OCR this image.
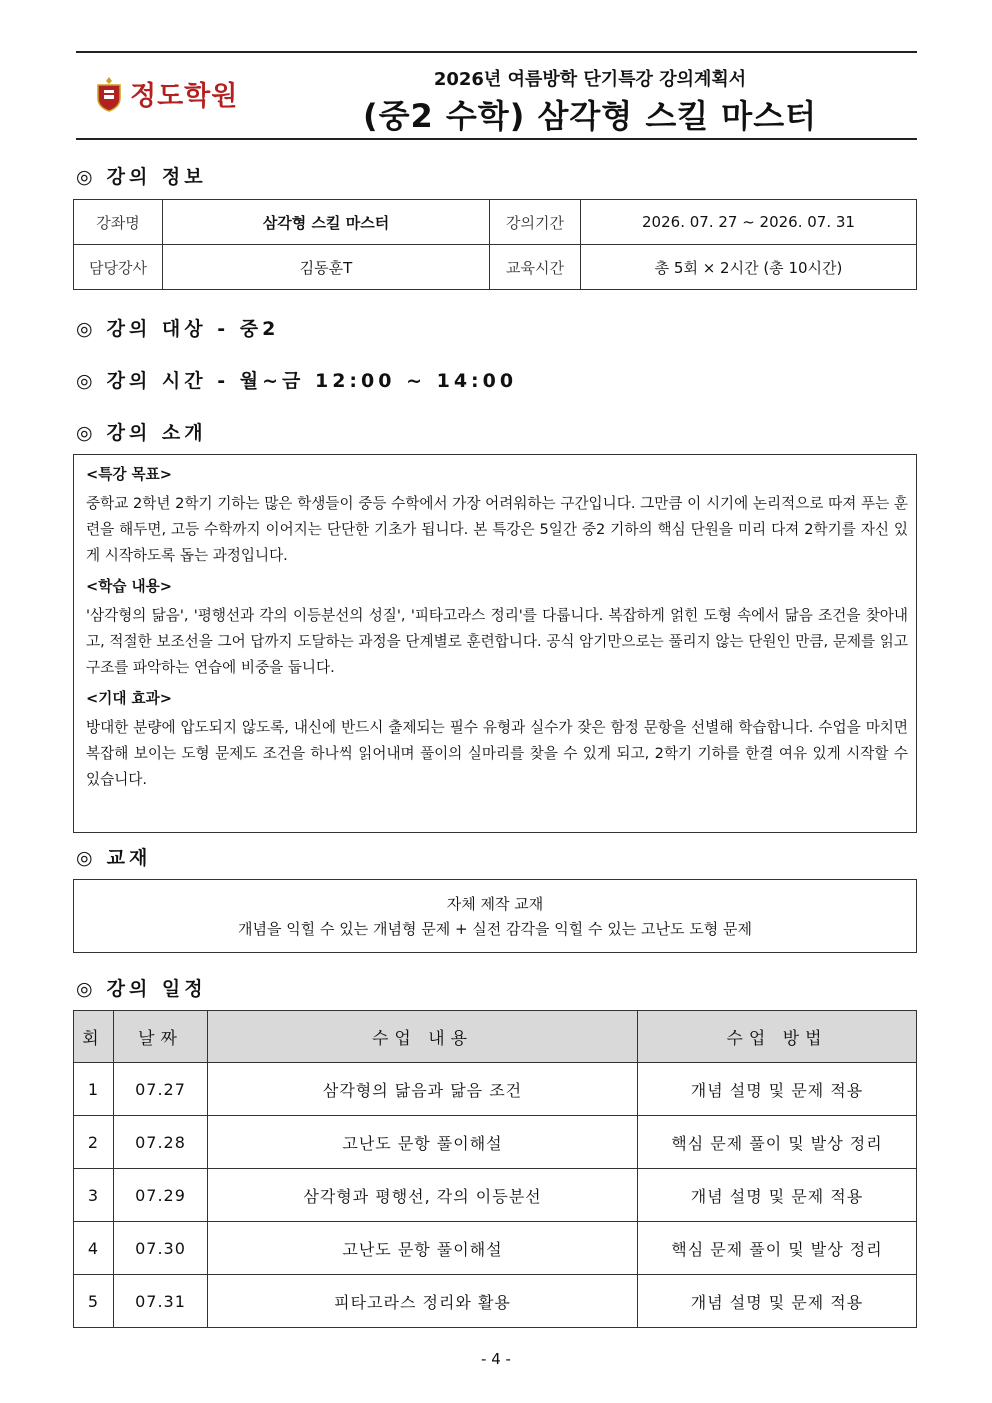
정도학원
2026년 여름방학 단기특강 강의계획서
(중2 수학) 삼각형 스킬 마스터
◎ 강의 정보
강좌명	삼각형 스킬 마스터	강의기간	2026. 07. 27 ~ 2026. 07. 31
담당강사	김동훈T	교육시간	총 5회 × 2시간 (총 10시간)
◎ 강의 대상 - 중2
◎ 강의 시간 - 월~금 12:00 ~ 14:00
◎ 강의 소개
<특강 목표>

중학교 2학년 2학기 기하는 많은 학생들이 중등 수학에서 가장 어려워하는 구간입니다. 그만큼 이 시기에 논리적으로 따져 푸는 훈련을 해두면, 고등 수학까지 이어지는 단단한 기초가 됩니다. 본 특강은 5일간 중2 기하의 핵심 단원을 미리 다져 2학기를 자신 있게 시작하도록 돕는 과정입니다.

<학습 내용>

'삼각형의 닮음', '평행선과 각의 이등분선의 성질', '피타고라스 정리'를 다룹니다. 복잡하게 얽힌 도형 속에서 닮음 조건을 찾아내고, 적절한 보조선을 그어 답까지 도달하는 과정을 단계별로 훈련합니다. 공식 암기만으로는 풀리지 않는 단원인 만큼, 문제를 읽고 구조를 파악하는 연습에 비중을 둡니다.

<기대 효과>

방대한 분량에 압도되지 않도록, 내신에 반드시 출제되는 필수 유형과 실수가 잦은 함정 문항을 선별해 학습합니다. 수업을 마치면 복잡해 보이는 도형 문제도 조건을 하나씩 읽어내며 풀이의 실마리를 찾을 수 있게 되고, 2학기 기하를 한결 여유 있게 시작할 수 있습니다.

◎ 교재
자체 제작 교재
개념을 익힐 수 있는 개념형 문제 + 실전 감각을 익힐 수 있는 고난도 도형 문제
◎ 강의 일정
회	날짜	수업 내용	수업 방법
1	07.27	삼각형의 닮음과 닮음 조건	개념 설명 및 문제 적용
2	07.28	고난도 문항 풀이해설	핵심 문제 풀이 및 발상 정리
3	07.29	삼각형과 평행선, 각의 이등분선	개념 설명 및 문제 적용
4	07.30	고난도 문항 풀이해설	핵심 문제 풀이 및 발상 정리
5	07.31	피타고라스 정리와 활용	개념 설명 및 문제 적용
- 4 -
